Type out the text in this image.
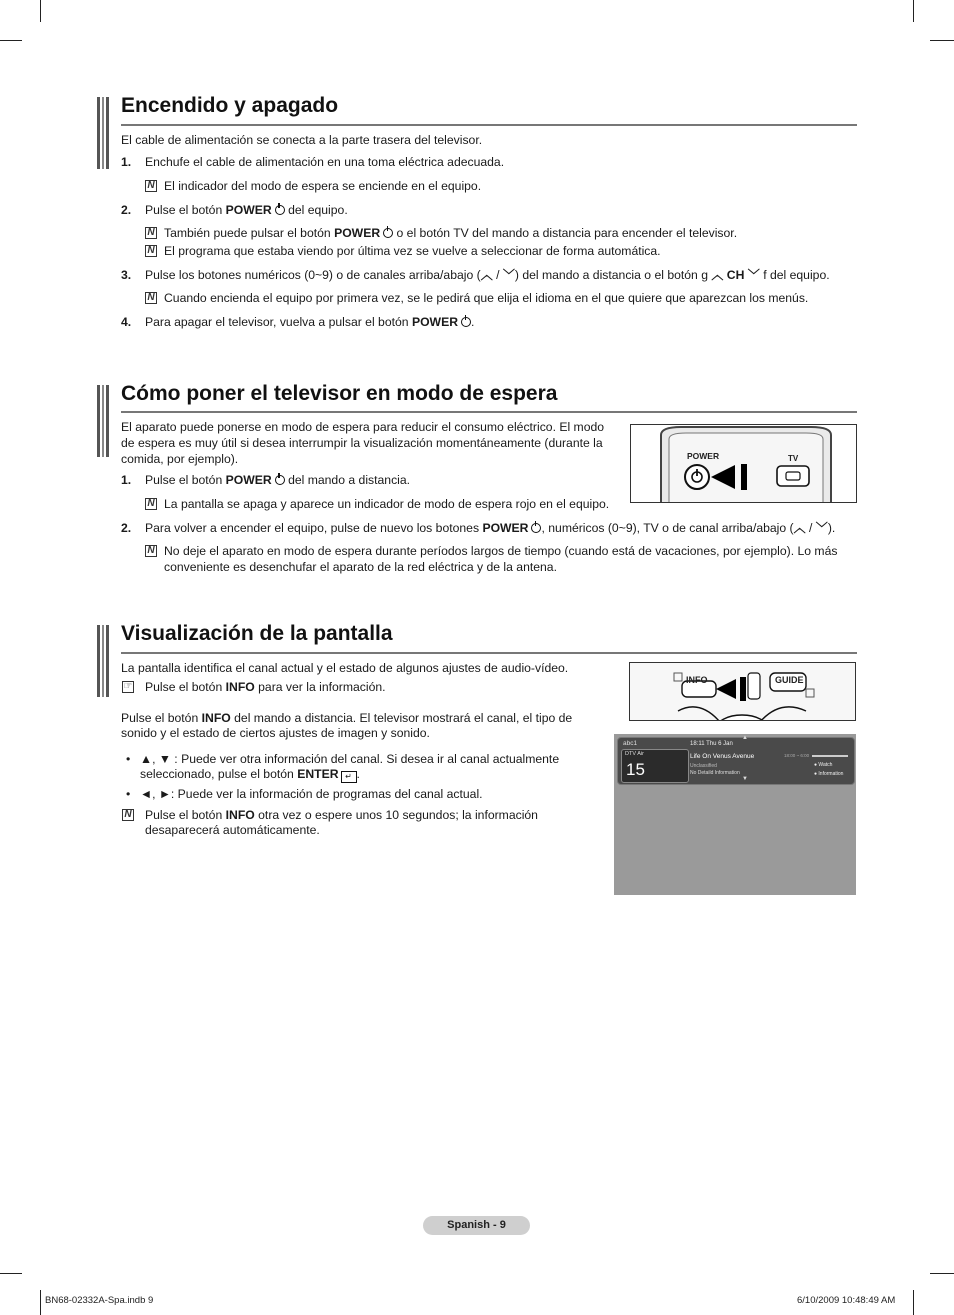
Encendido y apagado
El cable de alimentación se conecta a la parte trasera del televisor.
1. Enchufe el cable de alimentación en una toma eléctrica adecuada.
N El indicador del modo de espera se enciende en el equipo.
2. Pulse el botón POWER del equipo.
N También puede pulsar el botón POWER o el botón TV del mando a distancia para encender el televisor.
N El programa que estaba viendo por última vez se vuelve a seleccionar de forma automática.
3. Pulse los botones numéricos (0~9) o de canales arriba/abajo (︿ / ﹀) del mando a distancia o el botón g ︿ CH ﹀ f del equipo.
N Cuando encienda el equipo por primera vez, se le pedirá que elija el idioma en el que quiere que aparezcan los menús.
4. Para apagar el televisor, vuelva a pulsar el botón POWER .
Cómo poner el televisor en modo de espera
El aparato puede ponerse en modo de espera para reducir el consumo eléctrico. El modo
de espera es muy útil si desea interrumpir la visualización momentáneamente (durante la
comida, por ejemplo).
1. Pulse el botón POWER del mando a distancia.
N La pantalla se apaga y aparece un indicador de modo de espera rojo en el equipo.
POWER	TV
2. Para volver a encender el equipo, pulse de nuevo los botones POWER , numéricos (0~9), TV o de canal arriba/abajo (︿ / ﹀).
N No deje el aparato en modo de espera durante períodos largos de tiempo (cuando está de vacaciones, por ejemplo). Lo más
conveniente es desenchufar el aparato de la red eléctrica y de la antena.
Visualización de la pantalla
La pantalla identifica el canal actual y el estado de algunos ajustes de audio-vídeo.
☞ Pulse el botón INFO para ver la información.	INFO	GUIDE
Pulse el botón INFO del mando a distancia. El televisor mostrará el canal, el tipo de
sonido y el estado de ciertos ajustes de imagen y sonido.
• ▲, ▼ : Puede ver otra información del canal. Si desea ir al canal actualmente
seleccionado, pulse el botón ENTER ↵ .
• ◄, ►: Puede ver la información de programas del canal actual.
N Pulse el botón INFO otra vez o espere unos 10 segundos; la información
desaparecerá automáticamente.
abc1
DTV Air
15
18:11 Thu 6 Jan
Life On Venus Avenue
Unclassified
No Detaild Information
18:00 ~ 6:00
● Watch
● Information
▲
▼
Spanish - 9
BN68-02332A-Spa.indb 9	6/10/2009 10:48:49 AM
